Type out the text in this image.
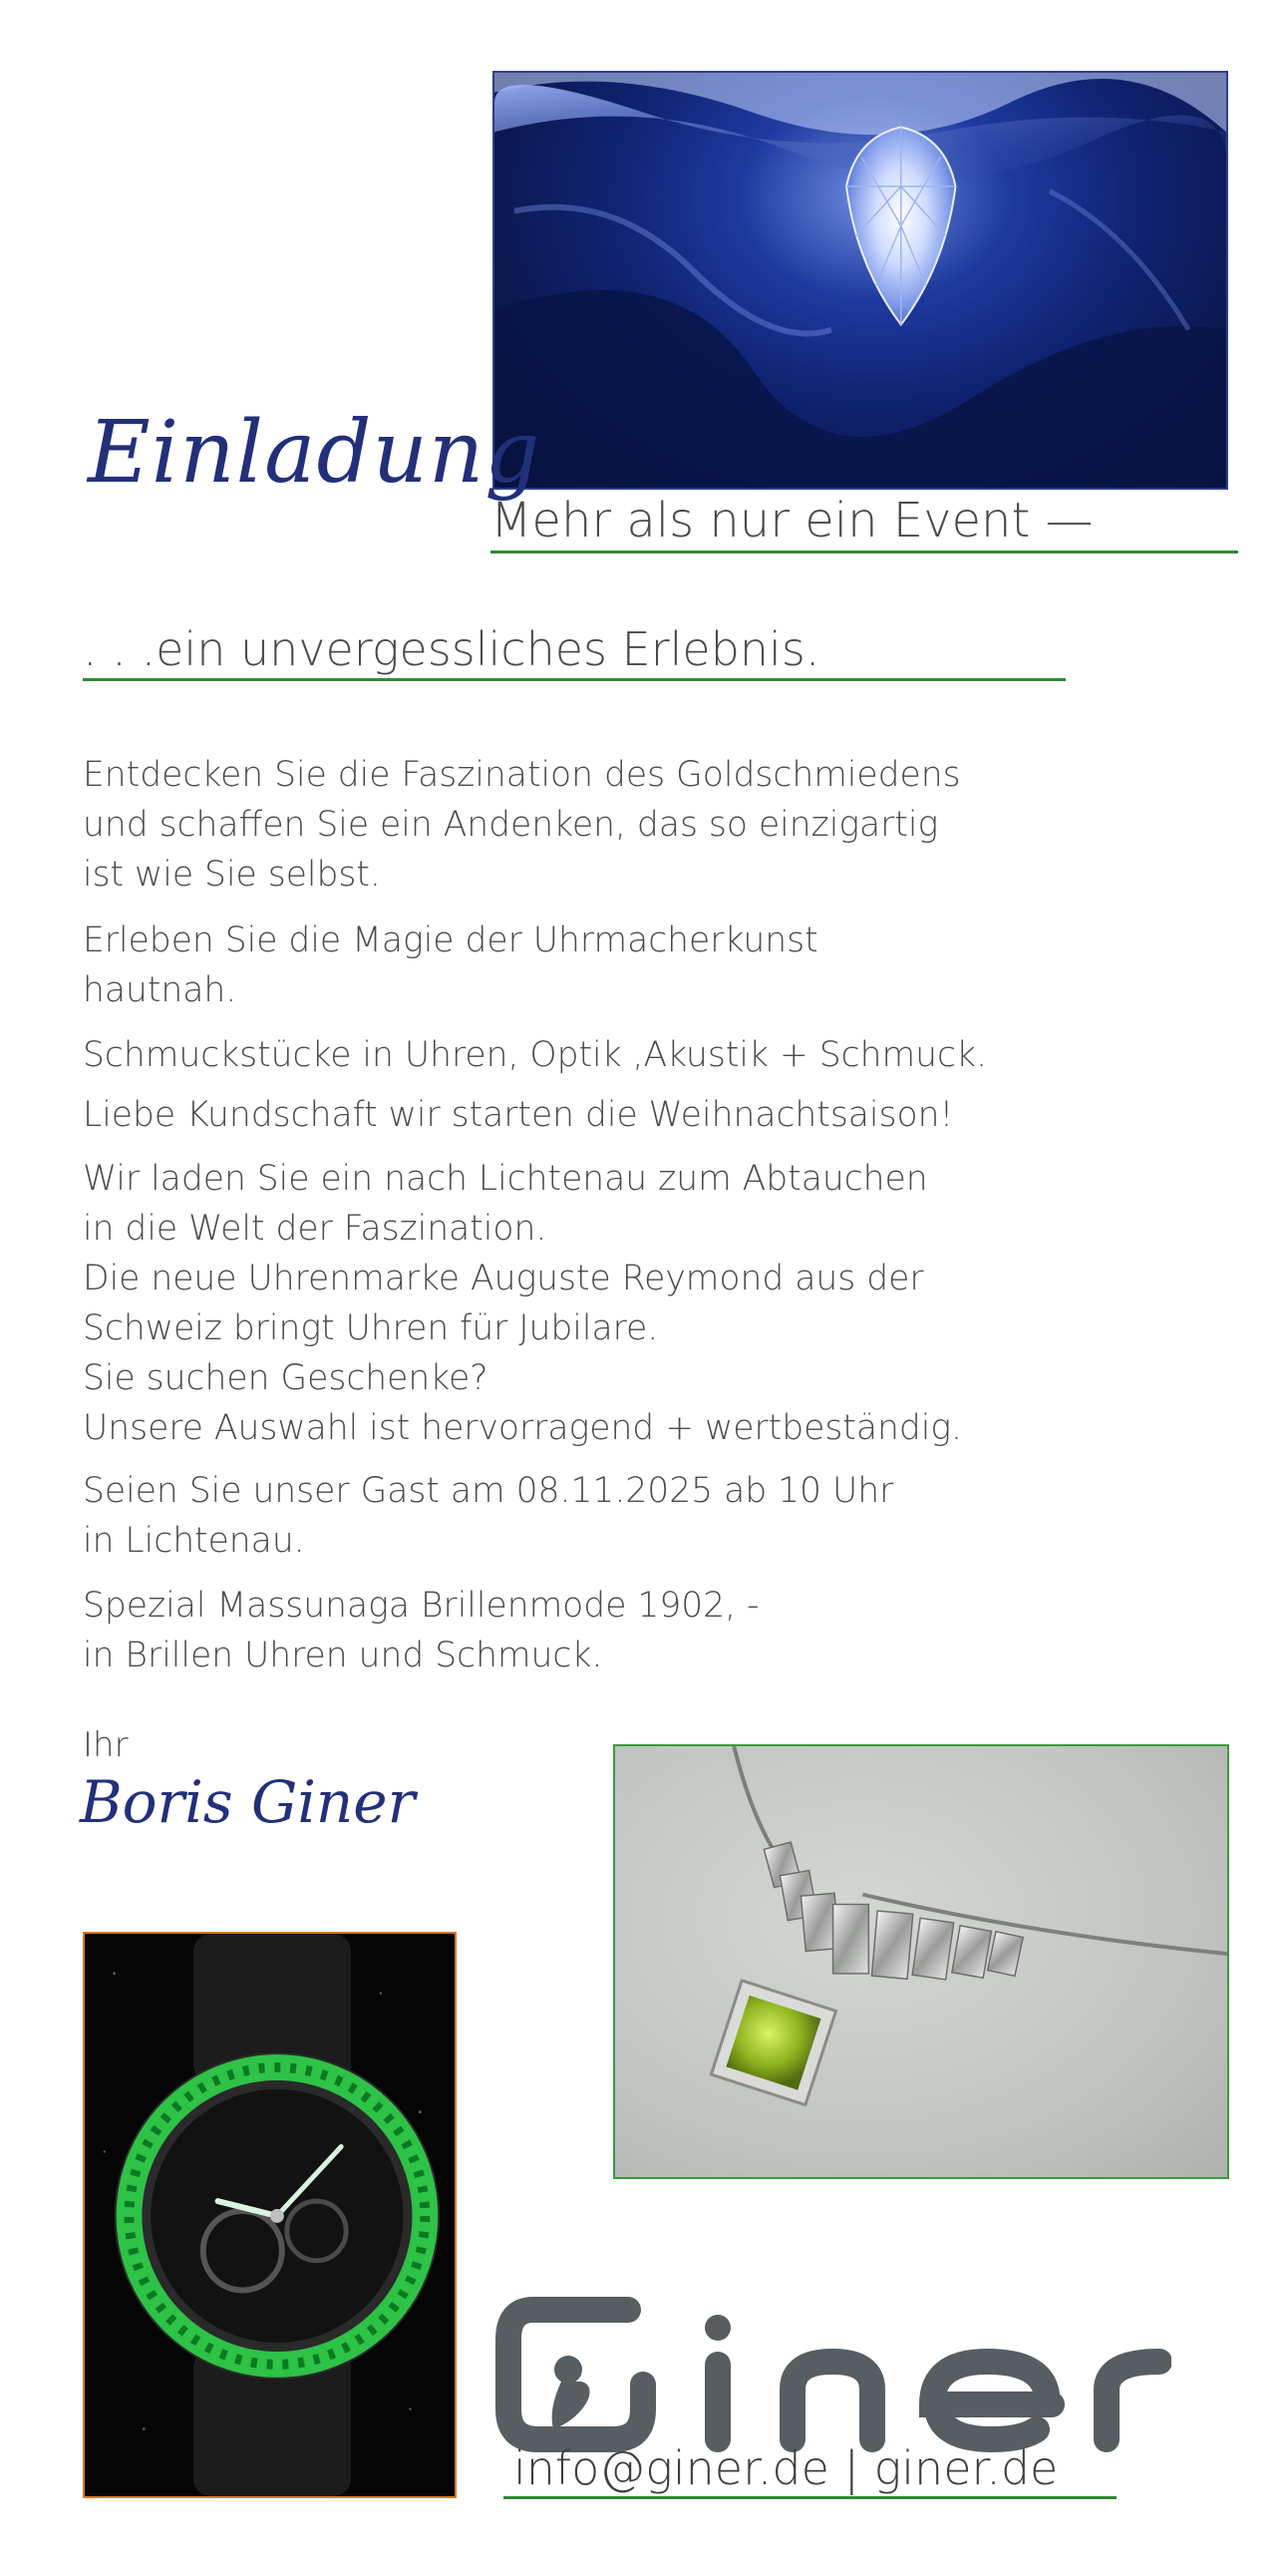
Einladung
Mehr als nur ein Event —
. . .ein unvergessliches Erlebnis.
Entdecken Sie die Faszination des Goldschmiedens
und schaffen Sie ein Andenken, das so einzigartig
ist wie Sie selbst.
Erleben Sie die Magie der Uhrmacherkunst
hautnah.
Schmuckstücke in Uhren, Optik ,Akustik + Schmuck.
Liebe Kundschaft wir starten die Weihnachtsaison!
Wir laden Sie ein nach Lichtenau zum Abtauchen
in die Welt der Faszination.
Die neue Uhrenmarke Auguste Reymond aus der
Schweiz bringt Uhren für Jubilare.
Sie suchen Geschenke?
Unsere Auswahl ist hervorragend + wertbeständig.
Seien Sie unser Gast am 08.11.2025 ab 10 Uhr
in Lichtenau.
Spezial Massunaga Brillenmode 1902, -
in Brillen Uhren und Schmuck.
Ihr
Boris Giner
info@giner.de | giner.de
